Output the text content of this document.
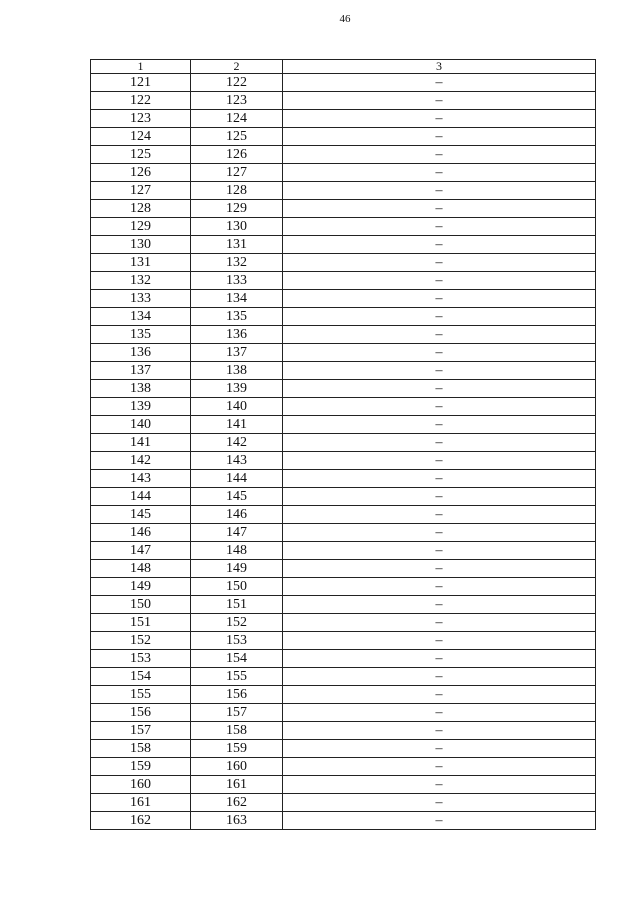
46
1	2	3
121	122	–
122	123	–
123	124	–
124	125	–
125	126	–
126	127	–
127	128	–
128	129	–
129	130	–
130	131	–
131	132	–
132	133	–
133	134	–
134	135	–
135	136	–
136	137	–
137	138	–
138	139	–
139	140	–
140	141	–
141	142	–
142	143	–
143	144	–
144	145	–
145	146	–
146	147	–
147	148	–
148	149	–
149	150	–
150	151	–
151	152	–
152	153	–
153	154	–
154	155	–
155	156	–
156	157	–
157	158	–
158	159	–
159	160	–
160	161	–
161	162	–
162	163	–
